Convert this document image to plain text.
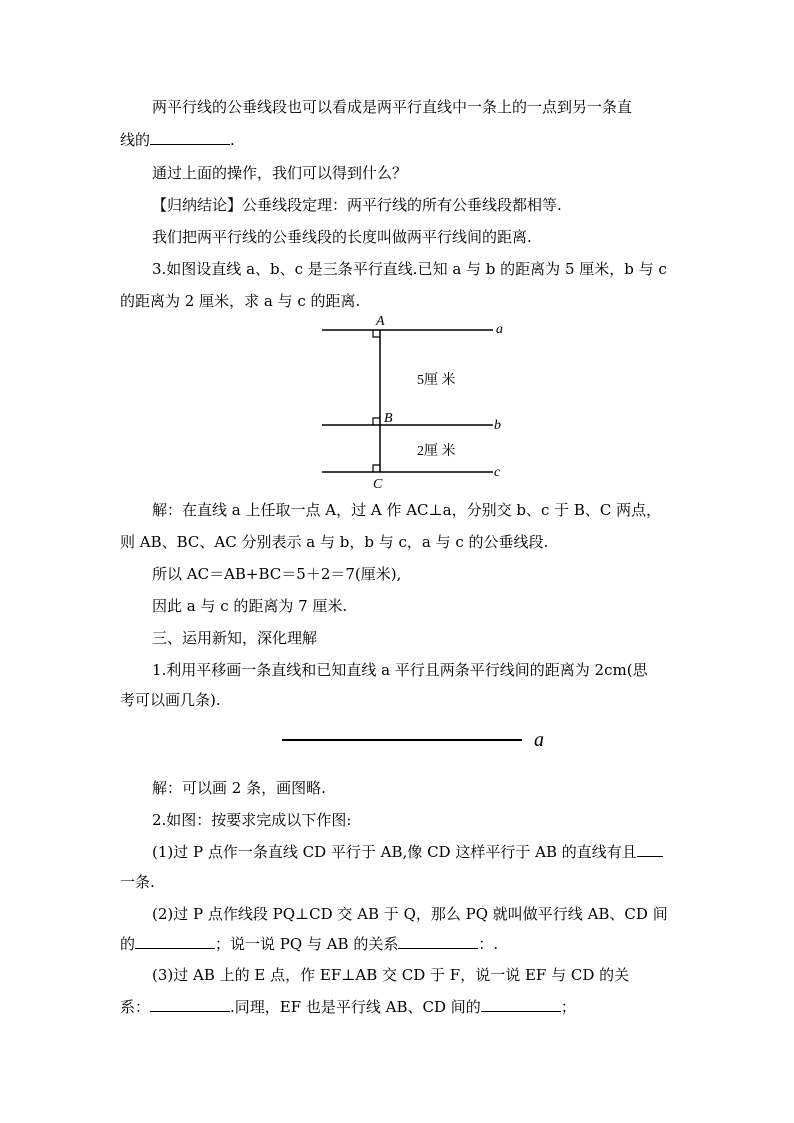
两平行线的公垂线段也可以看成是两平行直线中一条上的一点到另一条直
线的	.
通过上面的操作，我们可以得到什么？
【归纳结论】公垂线段定理：两平行线的所有公垂线段都相等.
我们把两平行线的公垂线段的长度叫做两平行线间的距离.
3.如图设直线 a、b、c 是三条平行直线.已知 a 与 b 的距离为 5 厘米，b 与 c
的距离为 2 厘米，求 a 与 c 的距离.
A
B
C
a
b
c
5厘 米
2厘 米
解：在直线 a 上任取一点 A，过 A 作 AC⊥a，分别交 b、c 于 B、C 两点，
则 AB、BC、AC 分别表示 a 与 b，b 与 c，a 与 c 的公垂线段.
所以 AC＝AB+BC＝5＋2＝7(厘米),
因此 a 与 c 的距离为 7 厘米.
三、运用新知，深化理解
1.利用平移画一条直线和已知直线 a 平行且两条平行线间的距离为 2cm(思
考可以画几条).
a
解：可以画 2 条，画图略.
2.如图：按要求完成以下作图:
(1)过 P 点作一条直线 CD 平行于 AB,像 CD 这样平行于 AB 的直线有且
一条.
(2)过 P 点作线段 PQ⊥CD 交 AB 于 Q，那么 PQ 就叫做平行线 AB、CD 间
的	；说一说 PQ 与 AB 的关系	：.
(3)过 AB 上的 E 点，作 EF⊥AB 交 CD 于 F，说一说 EF 与 CD 的关
系：	.同理，EF 也是平行线 AB、CD 间的	；
